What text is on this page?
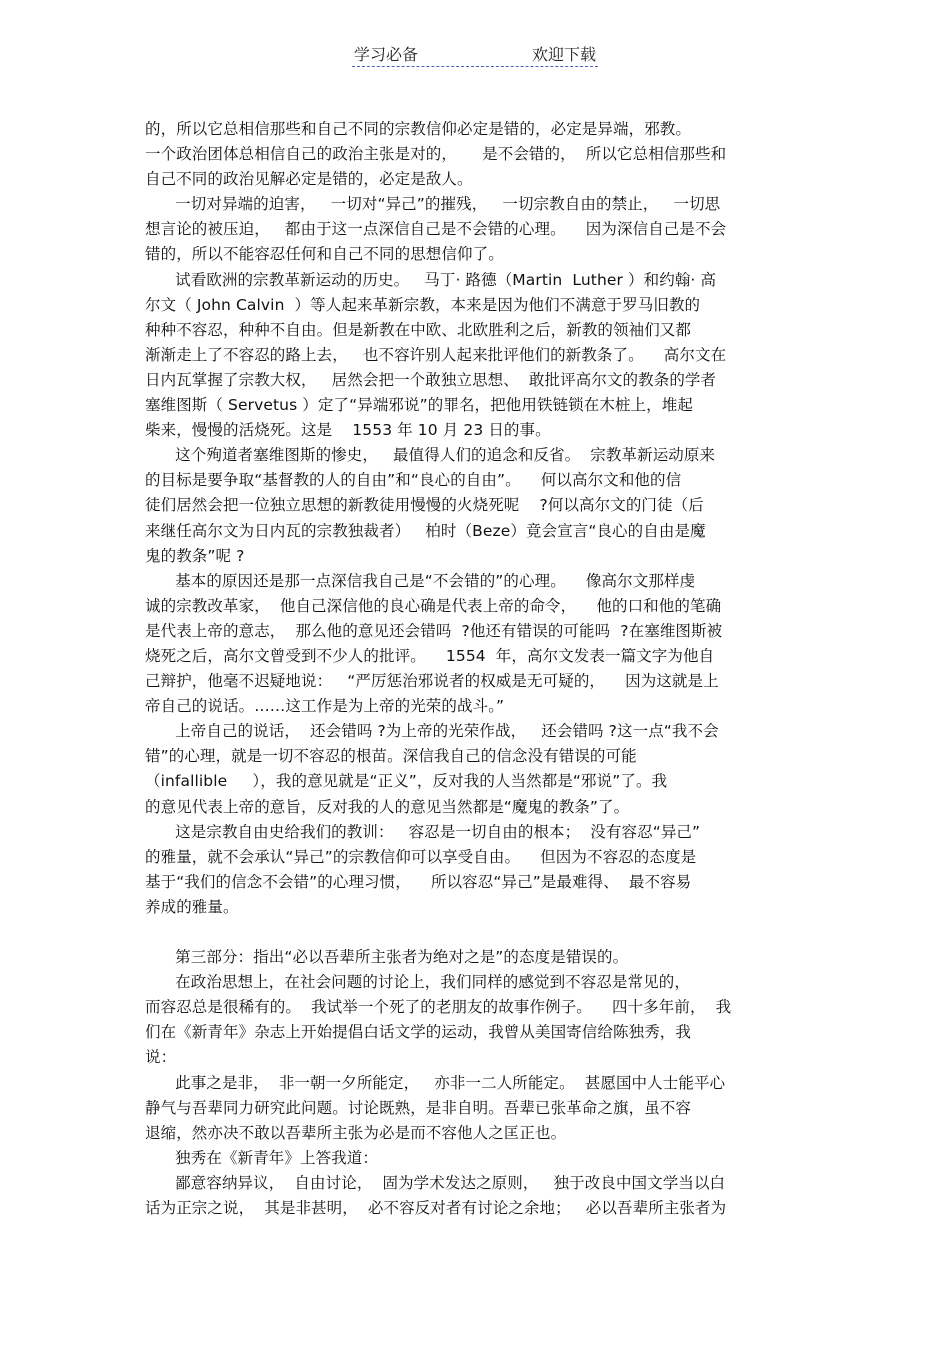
学习必备	欢迎下载
的，所以它总相信那些和自己不同的宗教信仰必定是错的，必定是异端，邪教。
一个政治团体总相信自己的政治主张是对的，     是不会错的，  所以它总相信那些和
自己不同的政治见解必定是错的，必定是敌人。
一切对异端的迫害，   一切对“异己”的摧残，   一切宗教自由的禁止，   一切思
想言论的被压迫，   都由于这一点深信自己是不会错的心理。    因为深信自己是不会
错的，所以不能容忍任何和自己不同的思想信仰了。
试看欧洲的宗教革新运动的历史。   马丁· 路德（Martin  Luther ）和约翰· 高
尔文（ John Calvin  ）等人起来革新宗教，本来是因为他们不满意于罗马旧教的
种种不容忍，种种不自由。但是新教在中欧、北欧胜利之后，新教的领袖们又都
渐渐走上了不容忍的路上去，   也不容许别人起来批评他们的新教条了。    高尔文在
日内瓦掌握了宗教大权，   居然会把一个敢独立思想、  敢批评高尔文的教条的学者
塞维图斯（ Servetus ）定了“异端邪说”的罪名，把他用铁链锁在木桩上，堆起
柴来，慢慢的活烧死。这是    1553 年 10 月 23 日的事。
这个殉道者塞维图斯的惨史，   最值得人们的追念和反省。  宗教革新运动原来
的目标是要争取“基督教的人的自由”和“良心的自由”。    何以高尔文和他的信
徒们居然会把一位独立思想的新教徒用慢慢的火烧死呢    ?何以高尔文的门徒（后
来继任高尔文为日内瓦的宗教独裁者）   柏时（Beze）竟会宣言“良心的自由是魔
鬼的教条”呢 ?
基本的原因还是那一点深信我自己是“不会错的”的心理。    像高尔文那样虔
诚的宗教改革家，  他自己深信他的良心确是代表上帝的命令，    他的口和他的笔确
是代表上帝的意志，  那么他的意见还会错吗  ?他还有错误的可能吗  ?在塞维图斯被
烧死之后，高尔文曾受到不少人的批评。    1554  年，高尔文发表一篇文字为他自
己辩护，他毫不迟疑地说：   “严厉惩治邪说者的权威是无可疑的，    因为这就是上
帝自己的说话。……这工作是为上帝的光荣的战斗。”
上帝自己的说话，  还会错吗 ?为上帝的光荣作战，   还会错吗 ?这一点“我不会
错”的心理，就是一切不容忍的根苗。深信我自己的信念没有错误的可能
（infallible     ），我的意见就是“正义”，反对我的人当然都是“邪说”了。我
的意见代表上帝的意旨，反对我的人的意见当然都是“魔鬼的教条”了。
这是宗教自由史给我们的教训：   容忍是一切自由的根本；  没有容忍“异己”
的雅量，就不会承认“异己”的宗教信仰可以享受自由。    但因为不容忍的态度是
基于“我们的信念不会错”的心理习惯，    所以容忍“异己”是最难得、  最不容易
养成的雅量。
第三部分：指出“必以吾辈所主张者为绝对之是”的态度是错误的。
在政治思想上，在社会问题的讨论上，我们同样的感觉到不容忍是常见的，
而容忍总是很稀有的。  我试举一个死了的老朋友的故事作例子。    四十多年前，  我
们在《新青年》杂志上开始提倡白话文学的运动，我曾从美国寄信给陈独秀，我
说：
此事之是非，  非一朝一夕所能定，   亦非一二人所能定。  甚愿国中人士能平心
静气与吾辈同力研究此问题。讨论既熟，是非自明。吾辈已张革命之旗，虽不容
退缩，然亦决不敢以吾辈所主张为必是而不容他人之匡正也。
独秀在《新青年》上答我道：
鄙意容纳异议，  自由讨论，  固为学术发达之原则，   独于改良中国文学当以白
话为正宗之说，  其是非甚明，  必不容反对者有讨论之余地；   必以吾辈所主张者为
